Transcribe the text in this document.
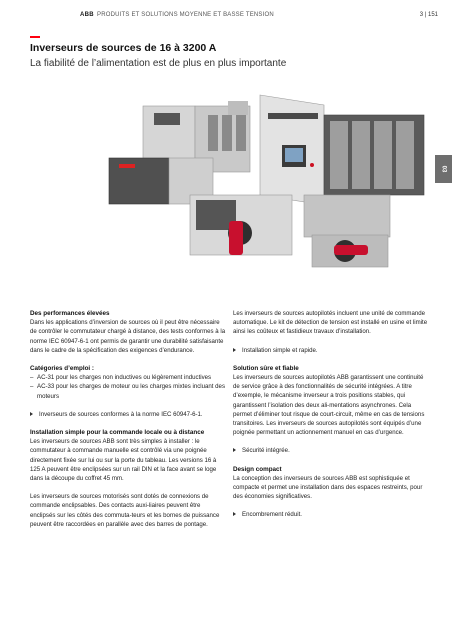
ABB PRODUITS ET SOLUTIONS MOYENNE ET BASSE TENSION	3 | 151
Inverseurs de sources de 16 à 3200 A
La fiabilité de l’alimentation est de plus en plus importante
03
Des performances élevées

Dans les applications d’inversion de sources où il peut être nécessaire de contrôler le commutateur chargé à distance, des tests conformes à la norme IEC 60947-6-1 ont permis de garantir une durabilité satisfaisante dans le cadre de la spécification des exigences d’endurance.

Catégories d’emploi :
– AC-31 pour les charges non inductives ou légèrement inductives
– AC-33 pour les charges de moteur ou les charges mixtes incluant des moteurs
Inverseurs de sources conformes à la norme IEC 60947-6-1.
Installation simple pour la commande locale ou à distance

Les inverseurs de sources ABB sont très simples à installer : le commutateur à commande manuelle est contrôlé via une poignée directement fixée sur lui ou sur la porte du tableau. Les versions 16 à 125 A peuvent être enclipsées sur un rail DIN et la face avant se loge dans la découpe du coffret 45 mm.

Les inverseurs de sources motorisés sont dotés de connexions de commande enclipsables. Des contacts auxi-liaires peuvent être enclipsés sur les côtés des commuta-teurs et les bornes de puissance peuvent être raccordées en parallèle avec des barres de pontage.

Les inverseurs de sources autopilotés incluent une unité de commande automatique. Le kit de détection de tension est installé en usine et limite ainsi les coûteux et fastidieux travaux d’installation.

Installation simple et rapide.
Solution sûre et fiable

Les inverseurs de sources autopilotés ABB garantissent une continuité de service grâce à des fonctionnalités de sécurité intégrées. A titre d’exemple, le mécanisme inverseur a trois positions stables, qui garantissent l’isolation des deux ali-mentations asynchrones. Cela permet d’éliminer tout risque de court-circuit, même en cas de tensions transitoires. Les inverseurs de sources autopilotés sont équipés d’une poignée permettant un actionnement manuel en cas d’urgence.

Sécurité intégrée.
Design compact

La conception des inverseurs de sources ABB est sophistiquée et compacte et permet une installation dans des espaces restreints, pour des économies significatives.

Encombrement réduit.
